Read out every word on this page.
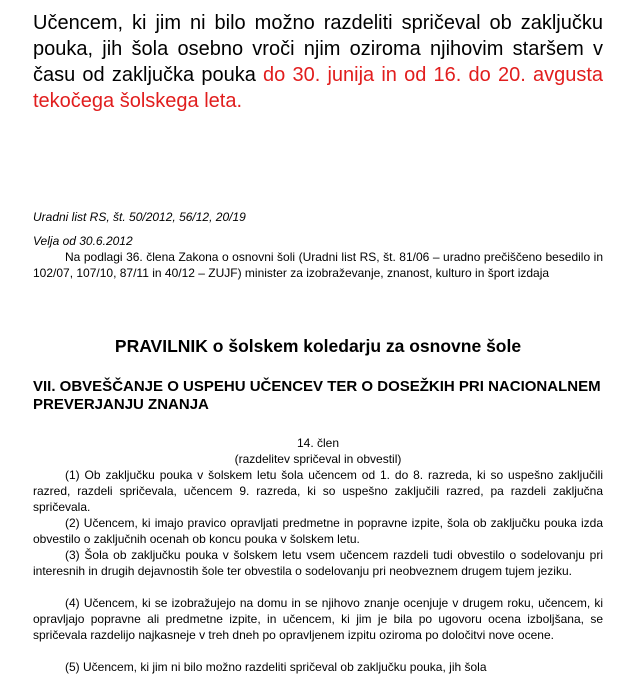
Učencem, ki jim ni bilo možno razdeliti spričeval ob zaključku pouka, jih šola osebno vroči njim oziroma njihovim staršem v času od zaključka pouka do 30. junija in od 16. do 20. avgusta tekočega šolskega leta.
Uradni list RS, št. 50/2012, 56/12, 20/19
Velja od 30.6.2012
Na podlagi 36. člena Zakona o osnovni šoli (Uradni list RS, št. 81/06 – uradno prečiščeno besedilo in 102/07, 107/10, 87/11 in 40/12 – ZUJF) minister za izobraževanje, znanost, kulturo in šport izdaja
PRAVILNIK o šolskem koledarju za osnovne šole
VII. OBVEŠČANJE O USPEHU UČENCEV TER O DOSEŽKIH PRI NACIONALNEM PREVERJANJU ZNANJA
14. člen
(razdelitev spričeval in obvestil)
(1) Ob zaključku pouka v šolskem letu šola učencem od 1. do 8. razreda, ki so uspešno zaključili razred, razdeli spričevala, učencem 9. razreda, ki so uspešno zaključili razred, pa razdeli zaključna spričevala.
(2) Učencem, ki imajo pravico opravljati predmetne in popravne izpite, šola ob zaključku pouka izda obvestilo o zaključnih ocenah ob koncu pouka v šolskem letu.
(3) Šola ob zaključku pouka v šolskem letu vsem učencem razdeli tudi obvestilo o sodelovanju pri interesnih in drugih dejavnostih šole ter obvestila o sodelovanju pri neobveznem drugem tujem jeziku.
(4) Učencem, ki se izobražujejo na domu in se njihovo znanje ocenjuje v drugem roku, učencem, ki opravljajo popravne ali predmetne izpite, in učencem, ki jim je bila po ugovoru ocena izboljšana, se spričevala razdelijo najkasneje v treh dneh po opravljenem izpitu oziroma po določitvi nove ocene.
(5) Učencem, ki jim ni bilo možno razdeliti spričeval ob zaključku pouka, jih šola
